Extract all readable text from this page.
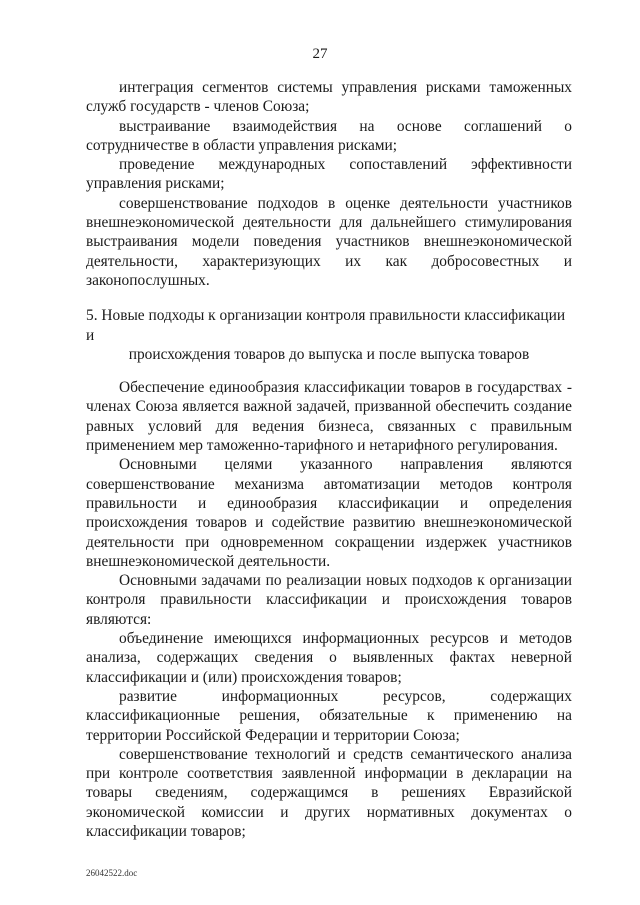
27

интеграция сегментов системы управления рисками таможенных служб государств - членов Союза;

выстраивание взаимодействия на основе соглашений о сотрудничестве в области управления рисками;

проведение международных сопоставлений эффективности управления рисками;

совершенствование подходов в оценке деятельности участников внешнеэкономической деятельности для дальнейшего стимулирования выстраивания модели поведения участников внешнеэкономической деятельности, характеризующих их как добросовестных и законопослушных.

5. Новые подходы к организации контроля правильности классификации и
происхождения товаров до выпуска и после выпуска товаров

Обеспечение единообразия классификации товаров в государствах - членах Союза является важной задачей, призванной обеспечить создание равных условий для ведения бизнеса, связанных с правильным применением мер таможенно-тарифного и нетарифного регулирования.

Основными целями указанного направления являются совершенствование механизма автоматизации методов контроля правильности и единообразия классификации и определения происхождения товаров и содействие развитию внешнеэкономической деятельности при одновременном сокращении издержек участников внешнеэкономической деятельности.

Основными задачами по реализации новых подходов к организации контроля правильности классификации и происхождения товаров являются:

объединение имеющихся информационных ресурсов и методов анализа, содержащих сведения о выявленных фактах неверной классификации и (или) происхождения товаров;

развитие информационных ресурсов, содержащих классификационные решения, обязательные к применению на территории Российской Федерации и территории Союза;

совершенствование технологий и средств семантического анализа при контроле соответствия заявленной информации в декларации на товары сведениям, содержащимся в решениях Евразийской экономической комиссии и других нормативных документах о классификации товаров;

26042522.doc
